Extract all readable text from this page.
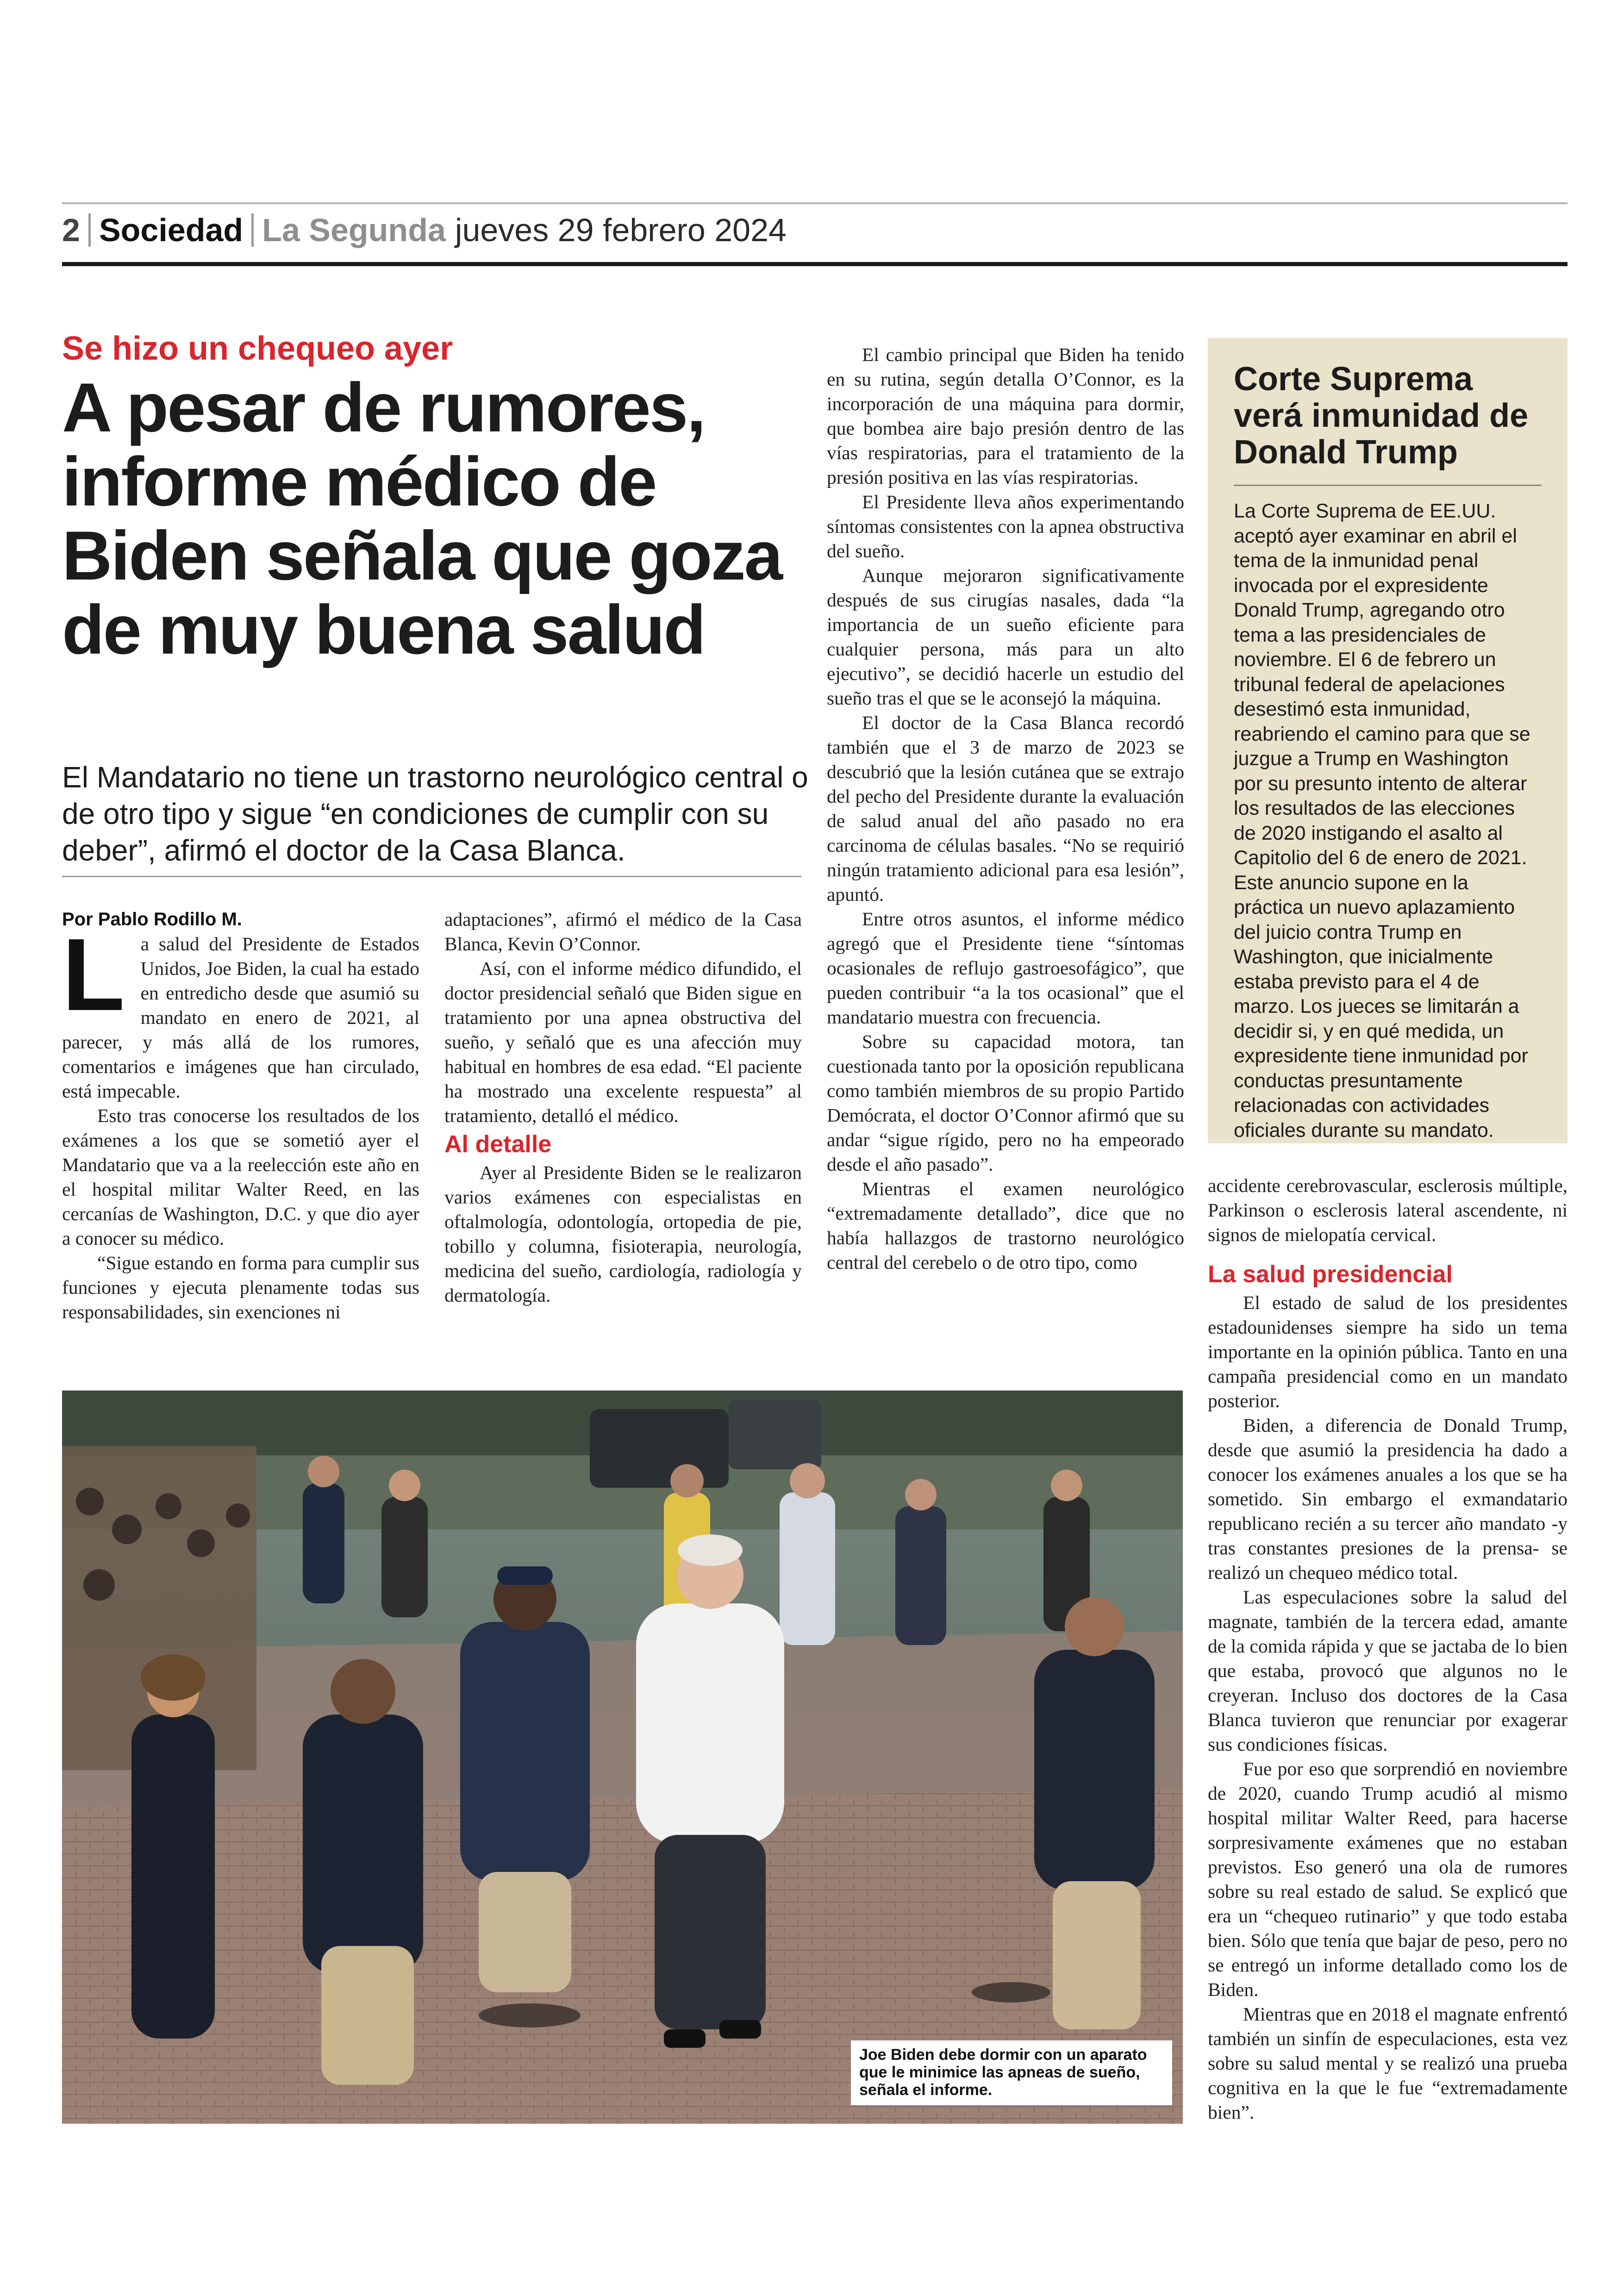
2 Sociedad La Segunda jueves 29 febrero 2024
Se hizo un chequeo ayer
A pesar de rumores, informe médico de Biden señala que goza de muy buena salud

El Mandatario no tiene un trastorno neurológico central o de otro tipo y sigue “en condiciones de cumplir con su deber”, afirmó el doctor de la Casa Blanca.

Por Pablo Rodillo M.

L a salud del Presidente de Estados Unidos, Joe Biden, la cual ha estado en entredicho desde que asumió su mandato en enero de 2021, al parecer, y más allá de los rumores, comentarios e imágenes que han circulado, está impecable.

Esto tras conocerse los resultados de los exámenes a los que se sometió ayer el Mandatario que va a la reelección este año en el hospital militar Walter Reed, en las cercanías de Washington, D.C. y que dio ayer a conocer su médico.

“Sigue estando en forma para cumplir sus funciones y ejecuta plenamente todas sus responsabilidades, sin exenciones ni

adaptaciones”, afirmó el médico de la Casa Blanca, Kevin O’Connor.

Así, con el informe médico difundido, el doctor presidencial señaló que Biden sigue en tratamiento por una apnea obstructiva del sueño, y señaló que es una afección muy habitual en hombres de esa edad. “El paciente ha mostrado una excelente respuesta” al tratamiento, detalló el médico.

Al detalle

Ayer al Presidente Biden se le realizaron varios exámenes con especialistas en oftalmología, odontología, ortopedia de pie, tobillo y columna, fisioterapia, neurología, medicina del sueño, cardiología, radiología y dermatología.

El cambio principal que Biden ha tenido en su rutina, según detalla O’Connor, es la incorporación de una máquina para dormir, que bombea aire bajo presión dentro de las vías respiratorias, para el tratamiento de la presión positiva en las vías respiratorias.

El Presidente lleva años experimentando síntomas consistentes con la apnea obstructiva del sueño.

Aunque mejoraron significativamente después de sus cirugías nasales, dada “la importancia de un sueño eficiente para cualquier persona, más para un alto ejecutivo”, se decidió hacerle un estudio del sueño tras el que se le aconsejó la máquina.

El doctor de la Casa Blanca recordó también que el 3 de marzo de 2023 se descubrió que la lesión cutánea que se extrajo del pecho del Presidente durante la evaluación de salud anual del año pasado no era carcinoma de células basales. “No se requirió ningún tratamiento adicional para esa lesión”, apuntó.

Entre otros asuntos, el informe médico agregó que el Presidente tiene “síntomas ocasionales de reflujo gastroesofágico”, que pueden contribuir “a la tos ocasional” que el mandatario muestra con frecuencia.

Sobre su capacidad motora, tan cuestionada tanto por la oposición republicana como también miembros de su propio Partido Demócrata, el doctor O’Connor afirmó que su andar “sigue rígido, pero no ha empeorado desde el año pasado”.

Mientras el examen neurológico “extremadamente detallado”, dice que no había hallazgos de trastorno neurológico central del cerebelo o de otro tipo, como

Corte Suprema verá inmunidad de Donald Trump

La Corte Suprema de EE.UU. aceptó ayer examinar en abril el tema de la inmunidad penal invocada por el expresidente Donald Trump, agregando otro tema a las presidenciales de noviembre. El 6 de febrero un tribunal federal de apelaciones desestimó esta inmunidad, reabriendo el camino para que se juzgue a Trump en Washington por su presunto intento de alterar los resultados de las elecciones de 2020 instigando el asalto al Capitolio del 6 de enero de 2021. Este anuncio supone en la práctica un nuevo aplazamiento del juicio contra Trump en Washington, que inicialmente estaba previsto para el 4 de marzo. Los jueces se limitarán a decidir si, y en qué medida, un expresidente tiene inmunidad por conductas presuntamente relacionadas con actividades oficiales durante su mandato.

accidente cerebrovascular, esclerosis múltiple, Parkinson o esclerosis lateral ascendente, ni signos de mielopatía cervical.

La salud presidencial

El estado de salud de los presidentes estadounidenses siempre ha sido un tema importante en la opinión pública. Tanto en una campaña presidencial como en un mandato posterior.

Biden, a diferencia de Donald Trump, desde que asumió la presidencia ha dado a conocer los exámenes anuales a los que se ha sometido. Sin embargo el exmandatario republicano recién a su tercer año mandato -y tras constantes presiones de la prensa- se realizó un chequeo médico total.

Las especulaciones sobre la salud del magnate, también de la tercera edad, amante de la comida rápida y que se jactaba de lo bien que estaba, provocó que algunos no le creyeran. Incluso dos doctores de la Casa Blanca tuvieron que renunciar por exagerar sus condiciones físicas.

Fue por eso que sorprendió en noviembre de 2020, cuando Trump acudió al mismo hospital militar Walter Reed, para hacerse sorpresivamente exámenes que no estaban previstos. Eso generó una ola de rumores sobre su real estado de salud. Se explicó que era un “chequeo rutinario” y que todo estaba bien. Sólo que tenía que bajar de peso, pero no se entregó un informe detallado como los de Biden.

Mientras que en 2018 el magnate enfrentó también un sinfín de especulaciones, esta vez sobre su salud mental y se realizó una prueba cognitiva en la que le fue “extremadamente bien”.

Joe Biden debe dormir con un aparato que le minimice las apneas de sueño, señala el informe.
